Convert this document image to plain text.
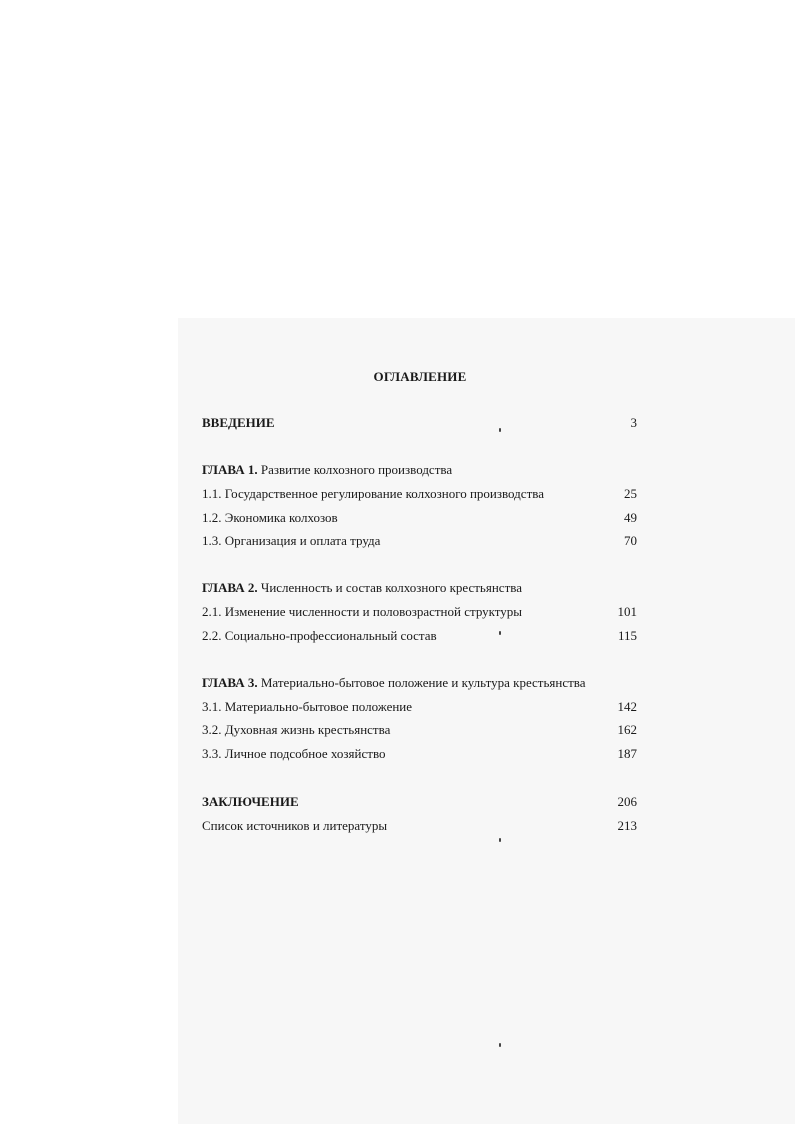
ОГЛАВЛЕНИЕ
ВВЕДЕНИЕ	3
ГЛАВА 1. Развитие колхозного производства
1.1. Государственное регулирование колхозного производства	25
1.2. Экономика колхозов	49
1.3. Организация и оплата труда	70
ГЛАВА 2. Численность и состав колхозного крестьянства
2.1. Изменение численности и половозрастной структуры	101
2.2. Социально-профессиональный состав	115
ГЛАВА 3. Материально-бытовое положение и культура крестьянства
3.1. Материально-бытовое положение	142
3.2. Духовная жизнь крестьянства	162
3.3. Личное подсобное хозяйство	187
ЗАКЛЮЧЕНИЕ	206
Список источников и литературы	213
